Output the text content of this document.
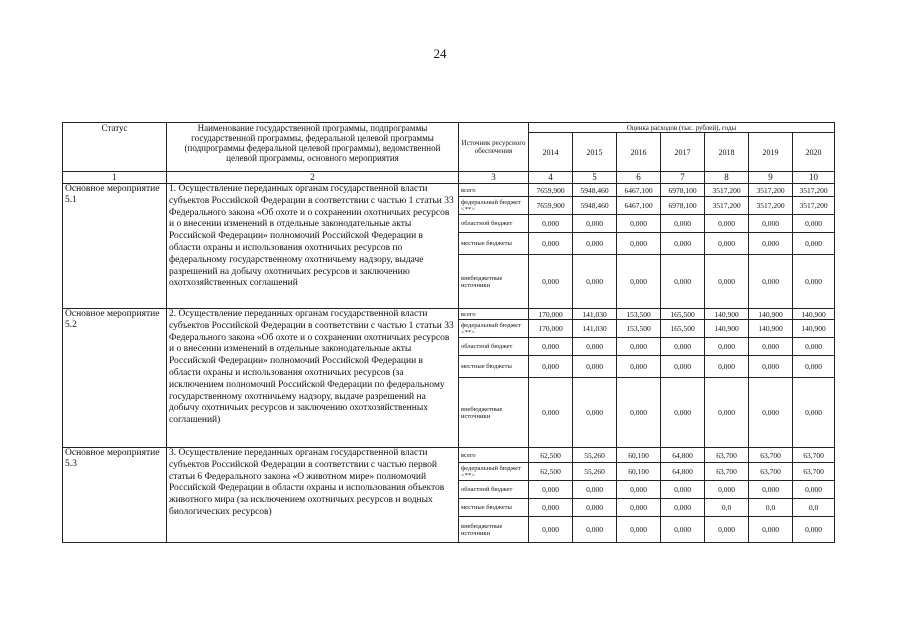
24
Статус	Наименование государственной программы, подпрограммы государственной программы, федеральной целевой программы (подпрограммы федеральной целевой программы), ведомственной целевой программы, основного мероприятия	Источник ресурсного обеспечения	Оценка расходов (тыс. рублей), годы						
			2014	2015	2016	2017	2018	2019	2020
1	2	3	4	5	6	7	8	9	10
Основное мероприятие 5.1	1. Осуществление переданных органам государственной власти субъектов Российской Федерации в соответствии с частью 1 статьи 33 Федерального закона «Об охоте и о сохранении охотничьих ресурсов и о внесении изменений в отдельные законодательные акты Российской Федерации» полномочий Российской Федерации в области охраны и использования охотничьих ресурсов по федеральному государственному охотничьему надзору, выдаче разрешений на добычу охотничьих ресурсов и заключению охотхозяйственных соглашений	всего	7659,900	5948,460	6467,100	6978,100	3517,200	3517,200	3517,200
		федеральный бюджет <**>	7659,900	5948,460	6467,100	6978,100	3517,200	3517,200	3517,200
		областной бюджет	0,000	0,000	0,000	0,000	0,000	0,000	0,000
		местные бюджеты	0,000	0,000	0,000	0,000	0,000	0,000	0,000
		внебюджетные источники	0,000	0,000	0,000	0,000	0,000	0,000	0,000
Основное мероприятие 5.2	2. Осуществление переданных органам государственной власти субъектов Российской Федерации в соответствии с частью 1 статьи 33 Федерального закона «Об охоте и о сохранении охотничьих ресурсов и о внесении изменений в отдельные законодательные акты Российской Федерации» полномочий Российской Федерации в области охраны и использования охотничьих ресурсов (за исключением полномочий Российской Федерации по федеральному государственному охотничьему надзору, выдаче разрешений на добычу охотничьих ресурсов и заключению охотхозяйственных соглашений)	всего	170,000	141,030	153,500	165,500	140,900	140,900	140,900
		федеральный бюджет <**>	170,000	141,030	153,500	165,500	140,900	140,900	140,900
		областной бюджет	0,000	0,000	0,000	0,000	0,000	0,000	0,000
		местные бюджеты	0,000	0,000	0,000	0,000	0,000	0,000	0,000
		внебюджетные источники	0,000	0,000	0,000	0,000	0,000	0,000	0,000
Основное мероприятие 5.3	3. Осуществление переданных органам государственной власти субъектов Российской Федерации в соответствии с частью первой статьи 6 Федерального закона «О животном мире» полномочий Российской Федерации в области охраны и использования объектов животного мира (за исключением охотничьих ресурсов и водных биологических ресурсов)	всего	62,500	55,260	60,100	64,800	63,700	63,700	63,700
		федеральный бюджет <**>	62,500	55,260	60,100	64,800	63,700	63,700	63,700
		областной бюджет	0,000	0,000	0,000	0,000	0,000	0,000	0,000
		местные бюджеты	0,000	0,000	0,000	0,000	0,0	0,0	0,0
		внебюджетные источники	0,000	0,000	0,000	0,000	0,000	0,000	0,000
